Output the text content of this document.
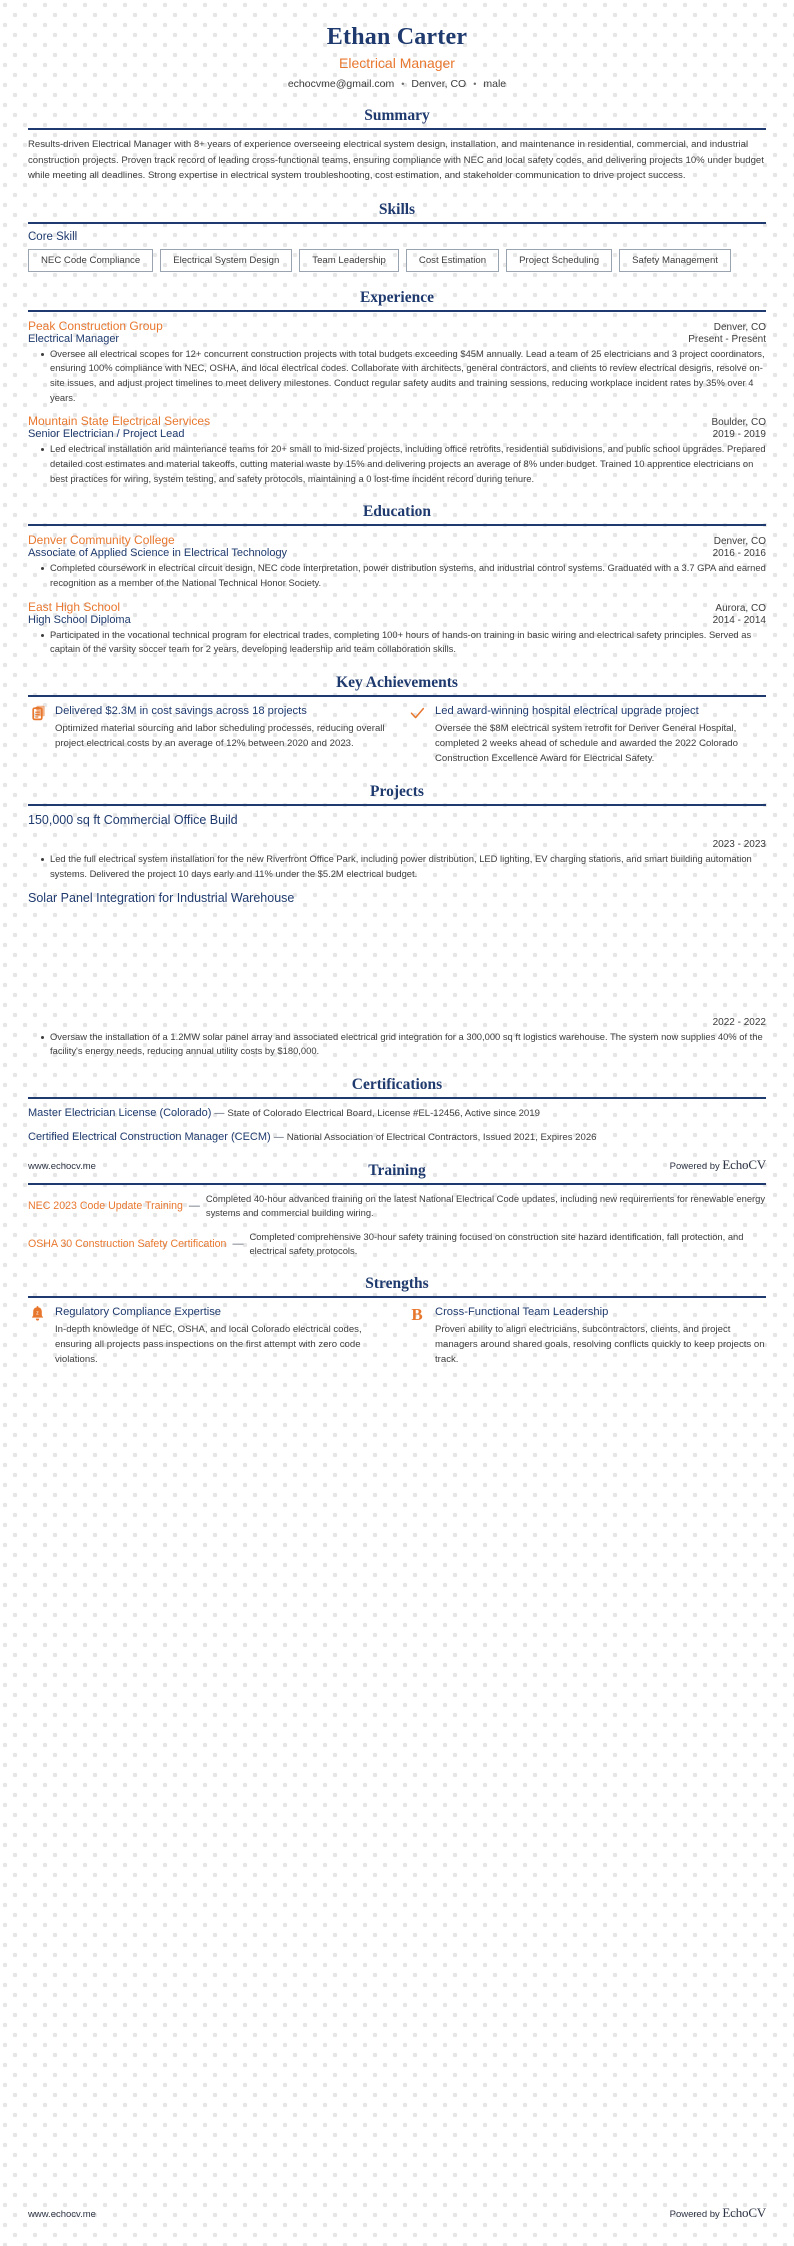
Ethan Carter
Electrical Manager
echocvme@gmail.com • Denver, CO • male
Summary
Results-driven Electrical Manager with 8+ years of experience overseeing electrical system design, installation, and maintenance in residential, commercial, and industrial construction projects. Proven track record of leading cross-functional teams, ensuring compliance with NEC and local safety codes, and delivering projects 10% under budget while meeting all deadlines. Strong expertise in electrical system troubleshooting, cost estimation, and stakeholder communication to drive project success.
Skills
Core Skill
NEC Code Compliance	Electrical System Design	Team Leadership	Cost Estimation	Project Scheduling	Safety Management
Experience
Peak Construction Group	Denver, CO
Electrical Manager	Present - Present
Oversee all electrical scopes for 12+ concurrent construction projects with total budgets exceeding $45M annually. Lead a team of 25 electricians and 3 project coordinators, ensuring 100% compliance with NEC, OSHA, and local electrical codes. Collaborate with architects, general contractors, and clients to review electrical designs, resolve on-site issues, and adjust project timelines to meet delivery milestones. Conduct regular safety audits and training sessions, reducing workplace incident rates by 35% over 4 years.
Mountain State Electrical Services	Boulder, CO
Senior Electrician / Project Lead	2019 - 2019
Led electrical installation and maintenance teams for 20+ small to mid-sized projects, including office retrofits, residential subdivisions, and public school upgrades. Prepared detailed cost estimates and material takeoffs, cutting material waste by 15% and delivering projects an average of 8% under budget. Trained 10 apprentice electricians on best practices for wiring, system testing, and safety protocols, maintaining a 0 lost-time incident record during tenure.
Education
Denver Community College	Denver, CO
Associate of Applied Science in Electrical Technology	2016 - 2016
Completed coursework in electrical circuit design, NEC code interpretation, power distribution systems, and industrial control systems. Graduated with a 3.7 GPA and earned recognition as a member of the National Technical Honor Society.
East High School	Aurora, CO
High School Diploma	2014 - 2014
Participated in the vocational technical program for electrical trades, completing 100+ hours of hands-on training in basic wiring and electrical safety principles. Served as captain of the varsity soccer team for 2 years, developing leadership and team collaboration skills.
Key Achievements
Delivered $2.3M in cost savings across 18 projects
Optimized material sourcing and labor scheduling processes, reducing overall project electrical costs by an average of 12% between 2020 and 2023.
Led award-winning hospital electrical upgrade project
Oversee the $8M electrical system retrofit for Denver General Hospital, completed 2 weeks ahead of schedule and awarded the 2022 Colorado Construction Excellence Award for Electrical Safety.
Projects
150,000 sq ft Commercial Office Build
2023 - 2023
Led the full electrical system installation for the new Riverfront Office Park, including power distribution, LED lighting, EV charging stations, and smart building automation systems. Delivered the project 10 days early and 11% under the $5.2M electrical budget.
Solar Panel Integration for Industrial Warehouse
2022 - 2022
Oversaw the installation of a 1.2MW solar panel array and associated electrical grid integration for a 300,000 sq ft logistics warehouse. The system now supplies 40% of the facility's energy needs, reducing annual utility costs by $180,000.
Certifications
Master Electrician License (Colorado) — State of Colorado Electrical Board, License #EL-12456, Active since 2019
Certified Electrical Construction Manager (CECM) — National Association of Electrical Contractors, Issued 2021, Expires 2026
Training
NEC 2023 Code Update Training —
Completed 40-hour advanced training on the latest National Electrical Code updates, including new requirements for renewable energy systems and commercial building wiring.
OSHA 30 Construction Safety Certification —
Completed comprehensive 30-hour safety training focused on construction site hazard identification, fall protection, and electrical safety protocols.
Strengths
z Regulatory Compliance Expertise
In-depth knowledge of NEC, OSHA, and local Colorado electrical codes, ensuring all projects pass inspections on the first attempt with zero code violations.
B Cross-Functional Team Leadership
Proven ability to align electricians, subcontractors, clients, and project managers around shared goals, resolving conflicts quickly to keep projects on track.
www.echocv.me	Powered by EchoCV
www.echocv.me	Powered by EchoCV
